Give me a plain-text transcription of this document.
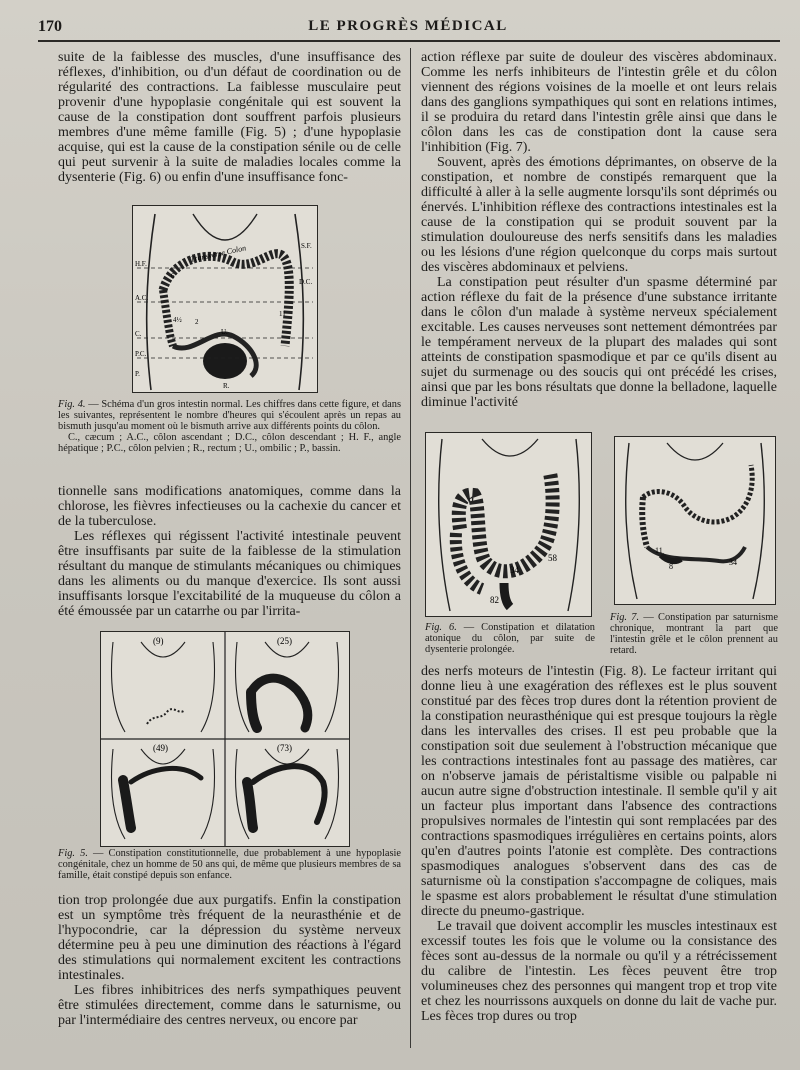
170	LE PROGRÈS MÉDICAL

suite de la faiblesse des muscles, d'une insuffisance des réflexes, d'inhibition, ou d'un défaut de coordination ou de régularité des contractions. La faiblesse musculaire peut provenir d'une hypoplasie congénitale qui est souvent la cause de la constipation dont souffrent parfois plusieurs membres d'une même famille (Fig. 5) ; d'une hypoplasie acquise, qui est la cause de la constipation sénile ou de celle qui peut survenir à la suite de maladies locales comme la dysenterie (Fig. 6) ou enfin d'une insuffisance fonc-

Transverse Colon
H.F.
A.C.
C.
P.C.
P.
S.F.
D.C.
U.
R.
6
4½ 2
11
Fig. 4. — Schéma d'un gros intestin normal. Les chiffres dans cette figure, et dans les suivantes, représentent le nombre d'heures qui s'écoulent après un repas au bismuth jusqu'au moment où le bismuth arrive aux différents points du côlon.
C., cæcum ; A.C., côlon ascendant ; D.C., côlon descendant ; H. F., angle hépatique ; P.C., côlon pelvien ; R., rectum ; U., ombilic ; P., bassin.

tionnelle sans modifications anatomiques, comme dans la chlorose, les fièvres infectieuses ou la cachexie du cancer et de la tuberculose.

Les réflexes qui régissent l'activité intestinale peuvent être insuffisants par suite de la faiblesse de la stimulation résultant du manque de stimulants mécaniques ou chimiques dans les aliments ou du manque d'exercice. Ils sont aussi insuffisants lorsque l'excitabilité de la muqueuse du côlon a été émoussée par un catarrhe ou par l'irrita-

(9)	(25)
(49)	(73)
Fig. 5. — Constipation constitutionnelle, due probablement à une hypoplasie congénitale, chez un homme de 50 ans qui, de même que plusieurs membres de sa famille, était constipé depuis son enfance.

tion trop prolongée due aux purgatifs. Enfin la constipation est un symptôme très fréquent de la neurasthénie et de l'hypocondrie, car la dépression du système nerveux détermine peu à peu une diminution des réactions à l'égard des stimulations qui normalement excitent les contractions intestinales.

Les fibres inhibitrices des nerfs sympathiques peuvent être stimulées directement, comme dans le saturnisme, ou par l'intermédiaire des centres nerveux, ou encore par

action réflexe par suite de douleur des viscères abdominaux. Comme les nerfs inhibiteurs de l'intestin grêle et du côlon viennent des régions voisines de la moelle et ont leurs relais dans des ganglions sympathiques qui sont en relations intimes, il se produira du retard dans l'intestin grêle ainsi que dans le côlon dans les cas de constipation dont la cause sera l'inhibition (Fig. 7).

Souvent, après des émotions déprimantes, on observe de la constipation, et nombre de constipés remarquent que la difficulté à aller à la selle augmente lorsqu'ils sont déprimés ou énervés. L'inhibition réflexe des contractions intestinales est la cause de la constipation qui se produit souvent par la stimulation douloureuse des nerfs sensitifs dans les maladies ou les lésions d'une région quelconque du corps mais surtout des viscères abdominaux et pelviens.

La constipation peut résulter d'un spasme déterminé par action réflexe du fait de la présence d'une substance irritante dans le côlon d'un malade à système nerveux spécialement excitable. Les causes nerveuses sont nettement démontrées par le tempérament nerveux de la plupart des malades qui sont atteints de constipation spasmodique et par ce qu'ils disent au sujet du surmenage ou des soucis qui ont précédé les crises, ainsi que par les bons résultats que donne la belladone, laquelle diminue l'activité

34
58
82
Fig. 6. — Constipation et dilatation atonique du côlon, par suite de dysenterie prolongée.
11
8	34
Fig. 7. — Constipation par saturnisme chronique, montrant la part que l'intestin grêle et le côlon prennent au retard.

des nerfs moteurs de l'intestin (Fig. 8). Le facteur irritant qui donne lieu à une exagération des réflexes est le plus souvent constitué par des fèces trop dures dont la rétention provient de la constipation neurasthénique qui est presque toujours la règle dans les intervalles des crises. Il est peu probable que la constipation soit due seulement à l'obstruction mécanique que les contractions intestinales font au passage des matières, car on n'observe jamais de péristaltisme visible ou palpable ni aucun autre signe d'obstruction intestinale. Il semble qu'il y ait un facteur plus important dans l'absence des contractions propulsives normales de l'intestin qui sont remplacées par des contractions spasmodiques irrégulières en certains points, alors qu'en d'autres points l'atonie est complète. Des contractions spasmodiques analogues s'observent dans des cas de saturnisme où la constipation s'accompagne de coliques, mais le spasme est alors probablement le résultat d'une stimulation directe du pneumo-gastrique.

Le travail que doivent accomplir les muscles intestinaux est excessif toutes les fois que le volume ou la consistance des fèces sont au-dessus de la normale ou qu'il y a rétrécissement du calibre de l'intestin. Les fèces peuvent être trop volumineuses chez des personnes qui mangent trop et trop vite et chez les nourrissons auxquels on donne du lait de vache pur. Les fèces trop dures ou trop
